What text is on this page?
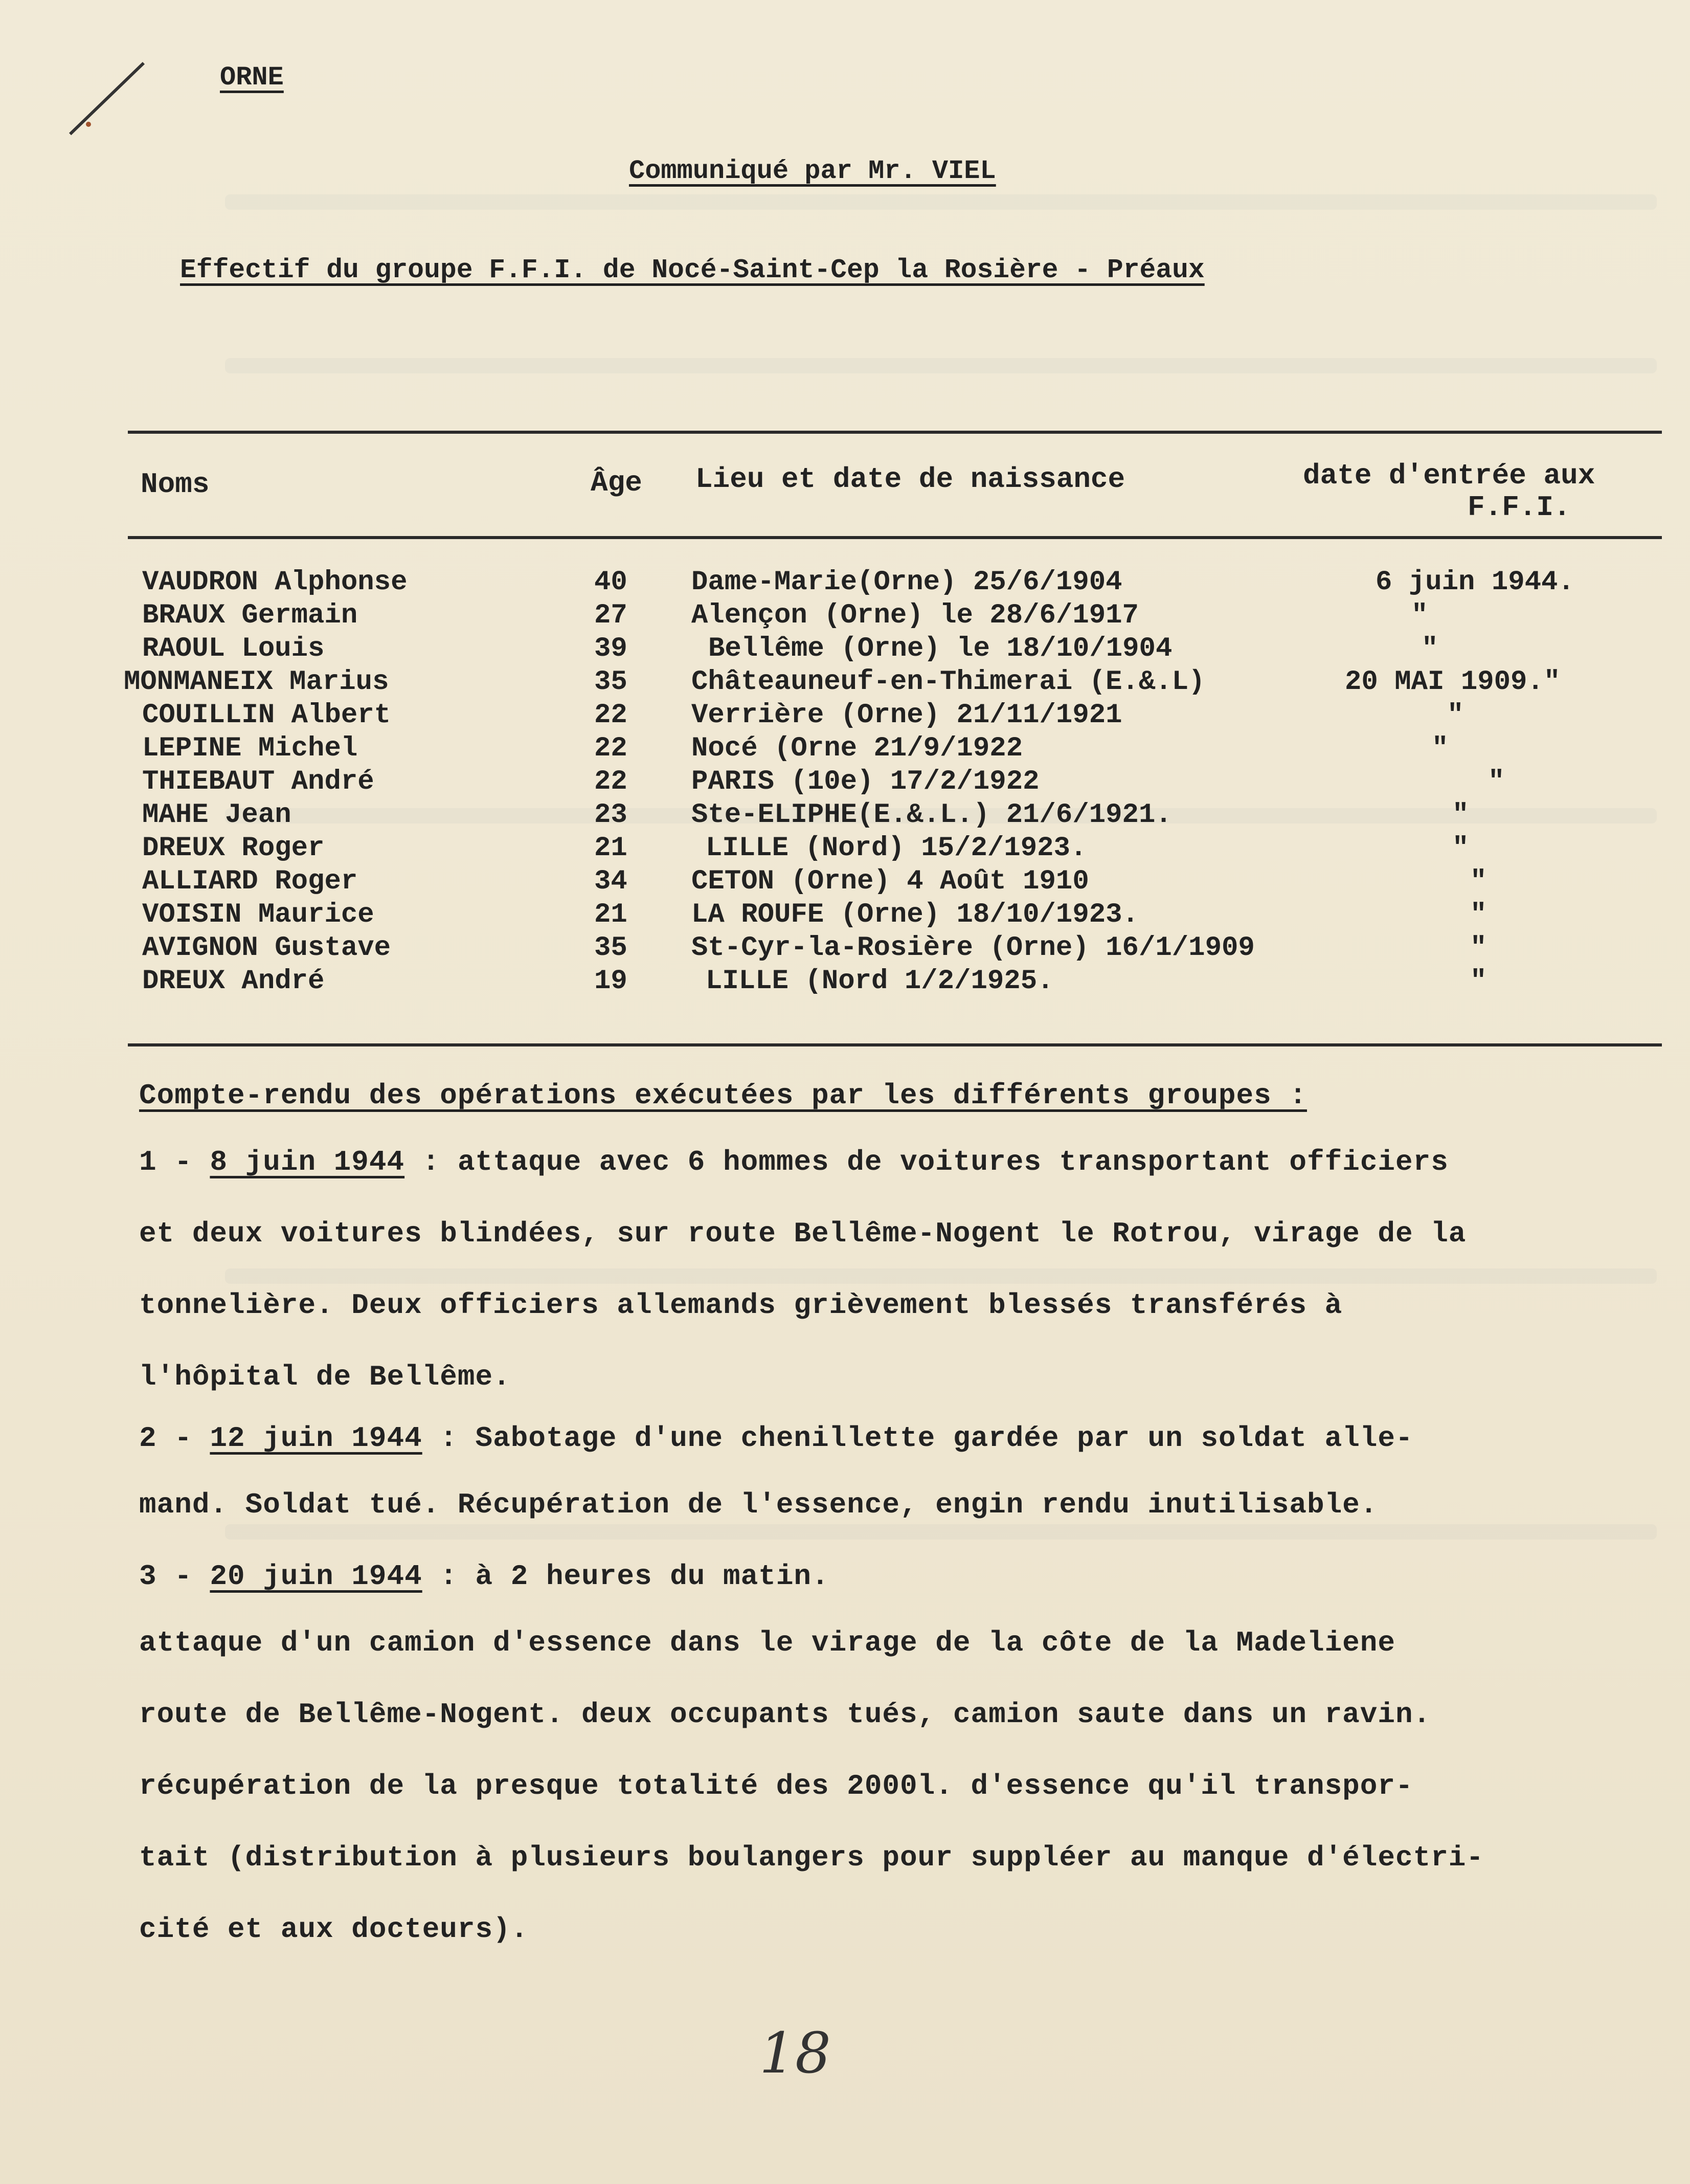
ORNE
Communiqué par Mr. VIEL
Effectif du groupe F.F.I. de Nocé-Saint-Cep la Rosière - Préaux
Noms	Âge Lieu et date de naissance	date d'entrée aux
F.F.I.
VAUDRON Alphonse	40 Dame-Marie(Orne) 25/6/1904	6 juin 1944.
BRAUX Germain	27 Alençon (Orne) le 28/6/1917	"
RAOUL Louis	39	Bellême (Orne) le 18/10/1904	"
MONMANEIX Marius	35 Châteauneuf-en-Thimerai (E.&.L)	20 MAI 1909."
COUILLIN Albert	22 Verrière (Orne) 21/11/1921	"
LEPINE Michel	22 Nocé (Orne 21/9/1922	"
THIEBAUT André	22 PARIS (10e) 17/2/1922	"
MAHE Jean	23 Ste-ELIPHE(E.&.L.) 21/6/1921.	"
DREUX Roger	21	LILLE (Nord) 15/2/1923.	"
ALLIARD Roger	34 CETON (Orne) 4 Août 1910	"
VOISIN Maurice	21 LA ROUFE (Orne) 18/10/1923.	"
AVIGNON Gustave	35 St-Cyr-la-Rosière (Orne) 16/1/1909	"
DREUX André	19	LILLE (Nord 1/2/1925.	"
Compte-rendu des opérations exécutées par les différents groupes :
1 - 8 juin 1944 : attaque avec 6 hommes de voitures transportant officiers
et deux voitures blindées, sur route Bellême-Nogent le Rotrou, virage de la
tonnelière. Deux officiers allemands grièvement blessés transférés à
l'hôpital de Bellême.
2 - 12 juin 1944 : Sabotage d'une chenillette gardée par un soldat alle-
mand. Soldat tué. Récupération de l'essence, engin rendu inutilisable.
3 - 20 juin 1944 : à 2 heures du matin.
attaque d'un camion d'essence dans le virage de la côte de la Madeliene
route de Bellême-Nogent. deux occupants tués, camion saute dans un ravin.
récupération de la presque totalité des 2000l. d'essence qu'il transpor-
tait (distribution à plusieurs boulangers pour suppléer au manque d'électri-
cité et aux docteurs).
18
